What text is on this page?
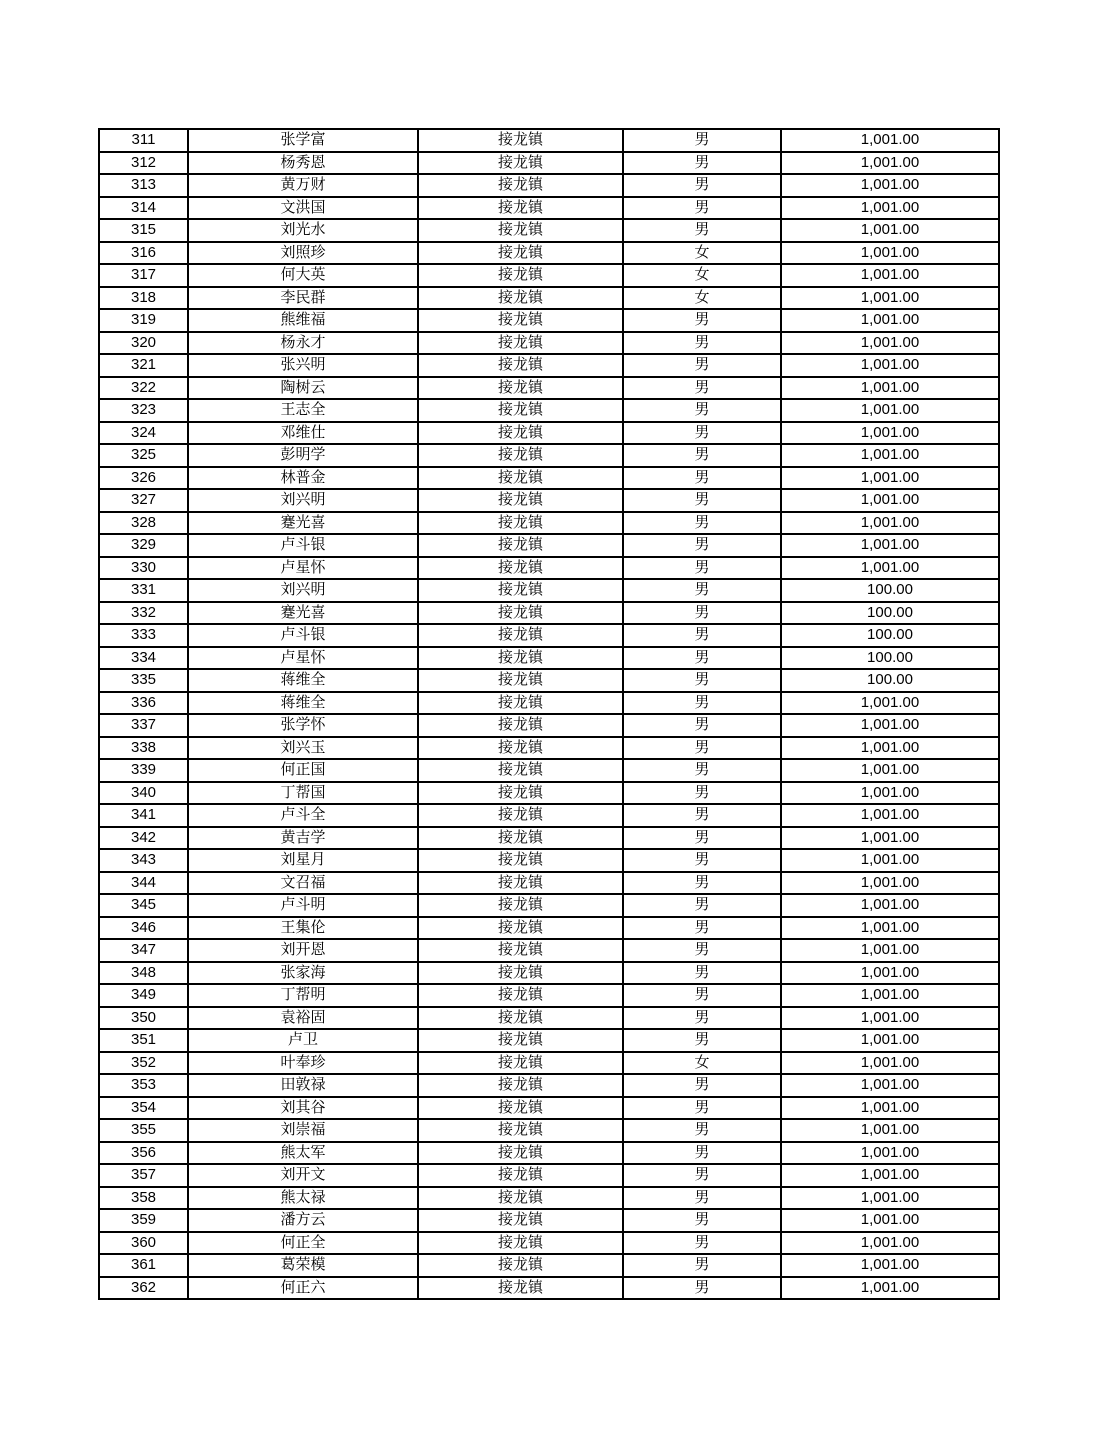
311	张学富	接龙镇	男	1,001.00
312	杨秀恩	接龙镇	男	1,001.00
313	黄万财	接龙镇	男	1,001.00
314	文洪国	接龙镇	男	1,001.00
315	刘光水	接龙镇	男	1,001.00
316	刘照珍	接龙镇	女	1,001.00
317	何大英	接龙镇	女	1,001.00
318	李民群	接龙镇	女	1,001.00
319	熊维福	接龙镇	男	1,001.00
320	杨永才	接龙镇	男	1,001.00
321	张兴明	接龙镇	男	1,001.00
322	陶树云	接龙镇	男	1,001.00
323	王志全	接龙镇	男	1,001.00
324	邓维仕	接龙镇	男	1,001.00
325	彭明学	接龙镇	男	1,001.00
326	林普金	接龙镇	男	1,001.00
327	刘兴明	接龙镇	男	1,001.00
328	蹇光喜	接龙镇	男	1,001.00
329	卢斗银	接龙镇	男	1,001.00
330	卢星怀	接龙镇	男	1,001.00
331	刘兴明	接龙镇	男	100.00
332	蹇光喜	接龙镇	男	100.00
333	卢斗银	接龙镇	男	100.00
334	卢星怀	接龙镇	男	100.00
335	蒋维全	接龙镇	男	100.00
336	蒋维全	接龙镇	男	1,001.00
337	张学怀	接龙镇	男	1,001.00
338	刘兴玉	接龙镇	男	1,001.00
339	何正国	接龙镇	男	1,001.00
340	丁帮国	接龙镇	男	1,001.00
341	卢斗全	接龙镇	男	1,001.00
342	黄吉学	接龙镇	男	1,001.00
343	刘星月	接龙镇	男	1,001.00
344	文召福	接龙镇	男	1,001.00
345	卢斗明	接龙镇	男	1,001.00
346	王集伦	接龙镇	男	1,001.00
347	刘开恩	接龙镇	男	1,001.00
348	张家海	接龙镇	男	1,001.00
349	丁帮明	接龙镇	男	1,001.00
350	袁裕固	接龙镇	男	1,001.00
351	卢卫	接龙镇	男	1,001.00
352	叶奉珍	接龙镇	女	1,001.00
353	田敦禄	接龙镇	男	1,001.00
354	刘其谷	接龙镇	男	1,001.00
355	刘崇福	接龙镇	男	1,001.00
356	熊太军	接龙镇	男	1,001.00
357	刘开文	接龙镇	男	1,001.00
358	熊太禄	接龙镇	男	1,001.00
359	潘方云	接龙镇	男	1,001.00
360	何正全	接龙镇	男	1,001.00
361	葛荣模	接龙镇	男	1,001.00
362	何正六	接龙镇	男	1,001.00
